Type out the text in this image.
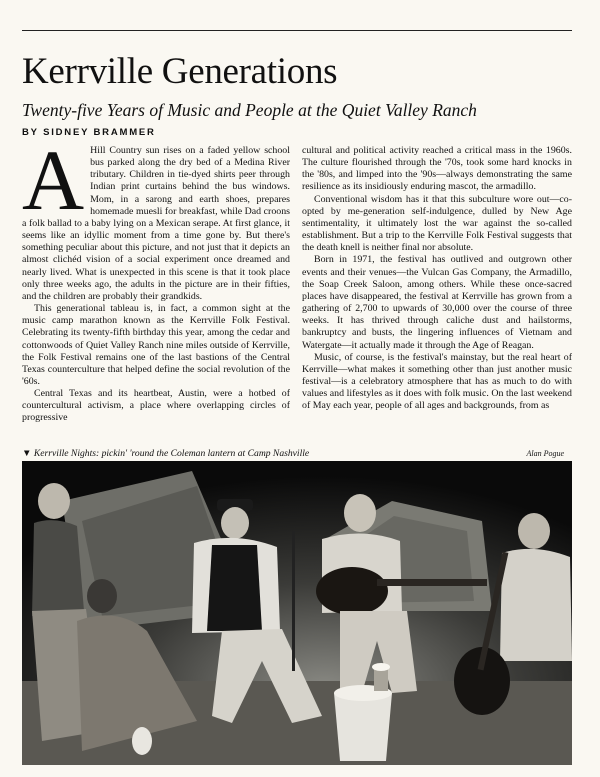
Kerrville Generations
Twenty-five Years of Music and People at the Quiet Valley Ranch
BY SIDNEY BRAMMER

A Hill Country sun rises on a faded yellow school bus parked along the dry bed of a Medina River tributary. Children in tie-dyed shirts peer through Indian print curtains behind the bus windows. Mom, in a sarong and earth shoes, prepares homemade muesli for breakfast, while Dad croons a folk ballad to a baby lying on a Mexican serape. At first glance, it seems like an idyllic moment from a time gone by. But there's something peculiar about this picture, and not just that it depicts an almost clichéd vision of a social experiment once dreamed and nearly lived. What is unexpected in this scene is that it took place only three weeks ago, the adults in the picture are in their fifties, and the children are probably their grandkids.

This generational tableau is, in fact, a common sight at the music camp marathon known as the Kerrville Folk Festival. Celebrating its twenty-fifth birthday this year, among the cedar and cottonwoods of Quiet Valley Ranch nine miles outside of Kerrville, the Folk Festival remains one of the last bastions of the Central Texas counterculture that helped define the social revolution of the '60s.

Central Texas and its heartbeat, Austin, were a hotbed of countercultural activism, a place where overlapping circles of progressive

cultural and political activity reached a critical mass in the 1960s. The culture flourished through the '70s, took some hard knocks in the '80s, and limped into the '90s—always demonstrating the same resilience as its insidiously enduring mascot, the armadillo.

Conventional wisdom has it that this subculture wore out—co-opted by me-generation self-indulgence, dulled by New Age sentimentality, it ultimately lost the war against the so-called establishment. But a trip to the Kerrville Folk Festival suggests that the death knell is neither final nor absolute.

Born in 1971, the festival has outlived and outgrown other events and their venues—the Vulcan Gas Company, the Armadillo, the Soap Creek Saloon, among others. While these once-sacred places have disappeared, the festival at Kerrville has grown from a gathering of 2,700 to upwards of 30,000 over the course of three weeks. It has thrived through caliche dust and hailstorms, bankruptcy and busts, the lingering influences of Vietnam and Watergate—it actually made it through the Age of Reagan.

Music, of course, is the festival's mainstay, but the real heart of Kerrville—what makes it something other than just another music festival—is a celebratory atmosphere that has as much to do with values and lifestyles as it does with folk music. On the last weekend of May each year, people of all ages and backgrounds, from as

▼ Kerrville Nights: pickin' 'round the Coleman lantern at Camp Nashville	Alan Pogue
